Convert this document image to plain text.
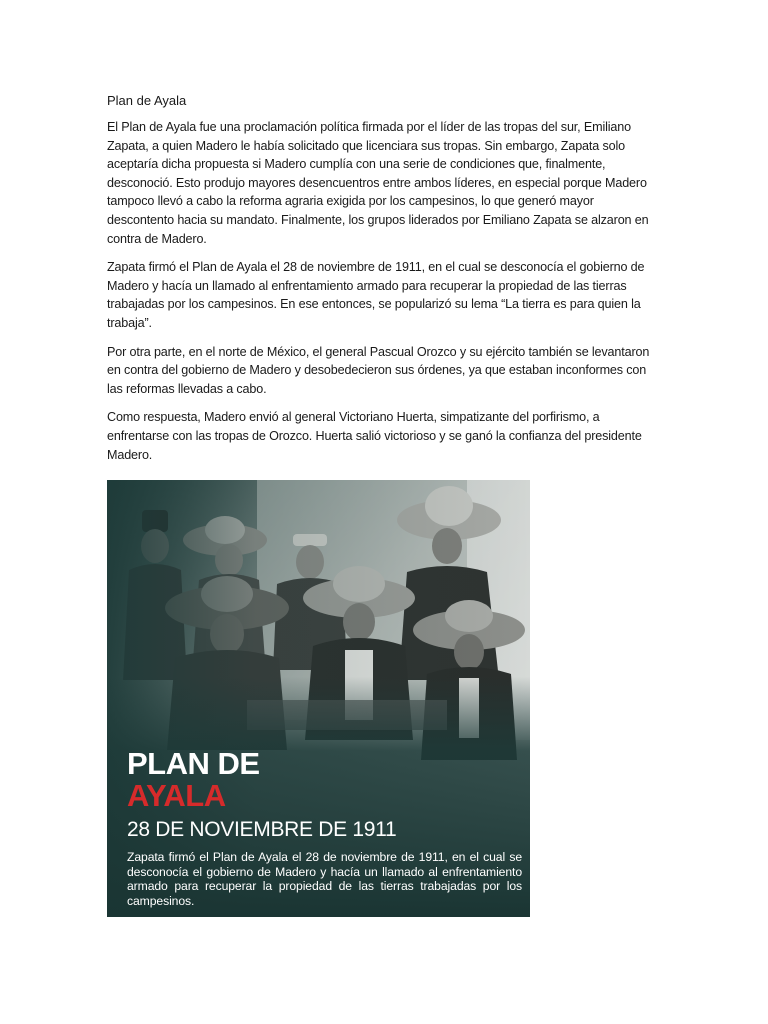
Plan de Ayala

El Plan de Ayala fue una proclamación política firmada por el líder de las tropas del sur, Emiliano Zapata, a quien Madero le había solicitado que licenciara sus tropas. Sin embargo, Zapata solo aceptaría dicha propuesta si Madero cumplía con una serie de condiciones que, finalmente, desconoció. Esto produjo mayores desencuentros entre ambos líderes, en especial porque Madero tampoco llevó a cabo la reforma agraria exigida por los campesinos, lo que generó mayor descontento hacia su mandato. Finalmente, los grupos liderados por Emiliano Zapata se alzaron en contra de Madero.

Zapata firmó el Plan de Ayala el 28 de noviembre de 1911, en el cual se desconocía el gobierno de Madero y hacía un llamado al enfrentamiento armado para recuperar la propiedad de las tierras trabajadas por los campesinos. En ese entonces, se popularizó su lema “La tierra es para quien la trabaja”.

Por otra parte, en el norte de México, el general Pascual Orozco y su ejército también se levantaron en contra del gobierno de Madero y desobedecieron sus órdenes, ya que estaban inconformes con las reformas llevadas a cabo.

Como respuesta, Madero envió al general Victoriano Huerta, simpatizante del porfirismo, a enfrentarse con las tropas de Orozco. Huerta salió victorioso y se ganó la confianza del presidente Madero.

PLAN DE
AYALA
28 DE NOVIEMBRE DE 1911
Zapata firmó el Plan de Ayala el 28 de noviembre de 1911, en el cual se desconocía el gobierno de Madero y hacía un llamado al enfrentamiento armado para recuperar la propiedad de las tierras trabajadas por los campesinos.
